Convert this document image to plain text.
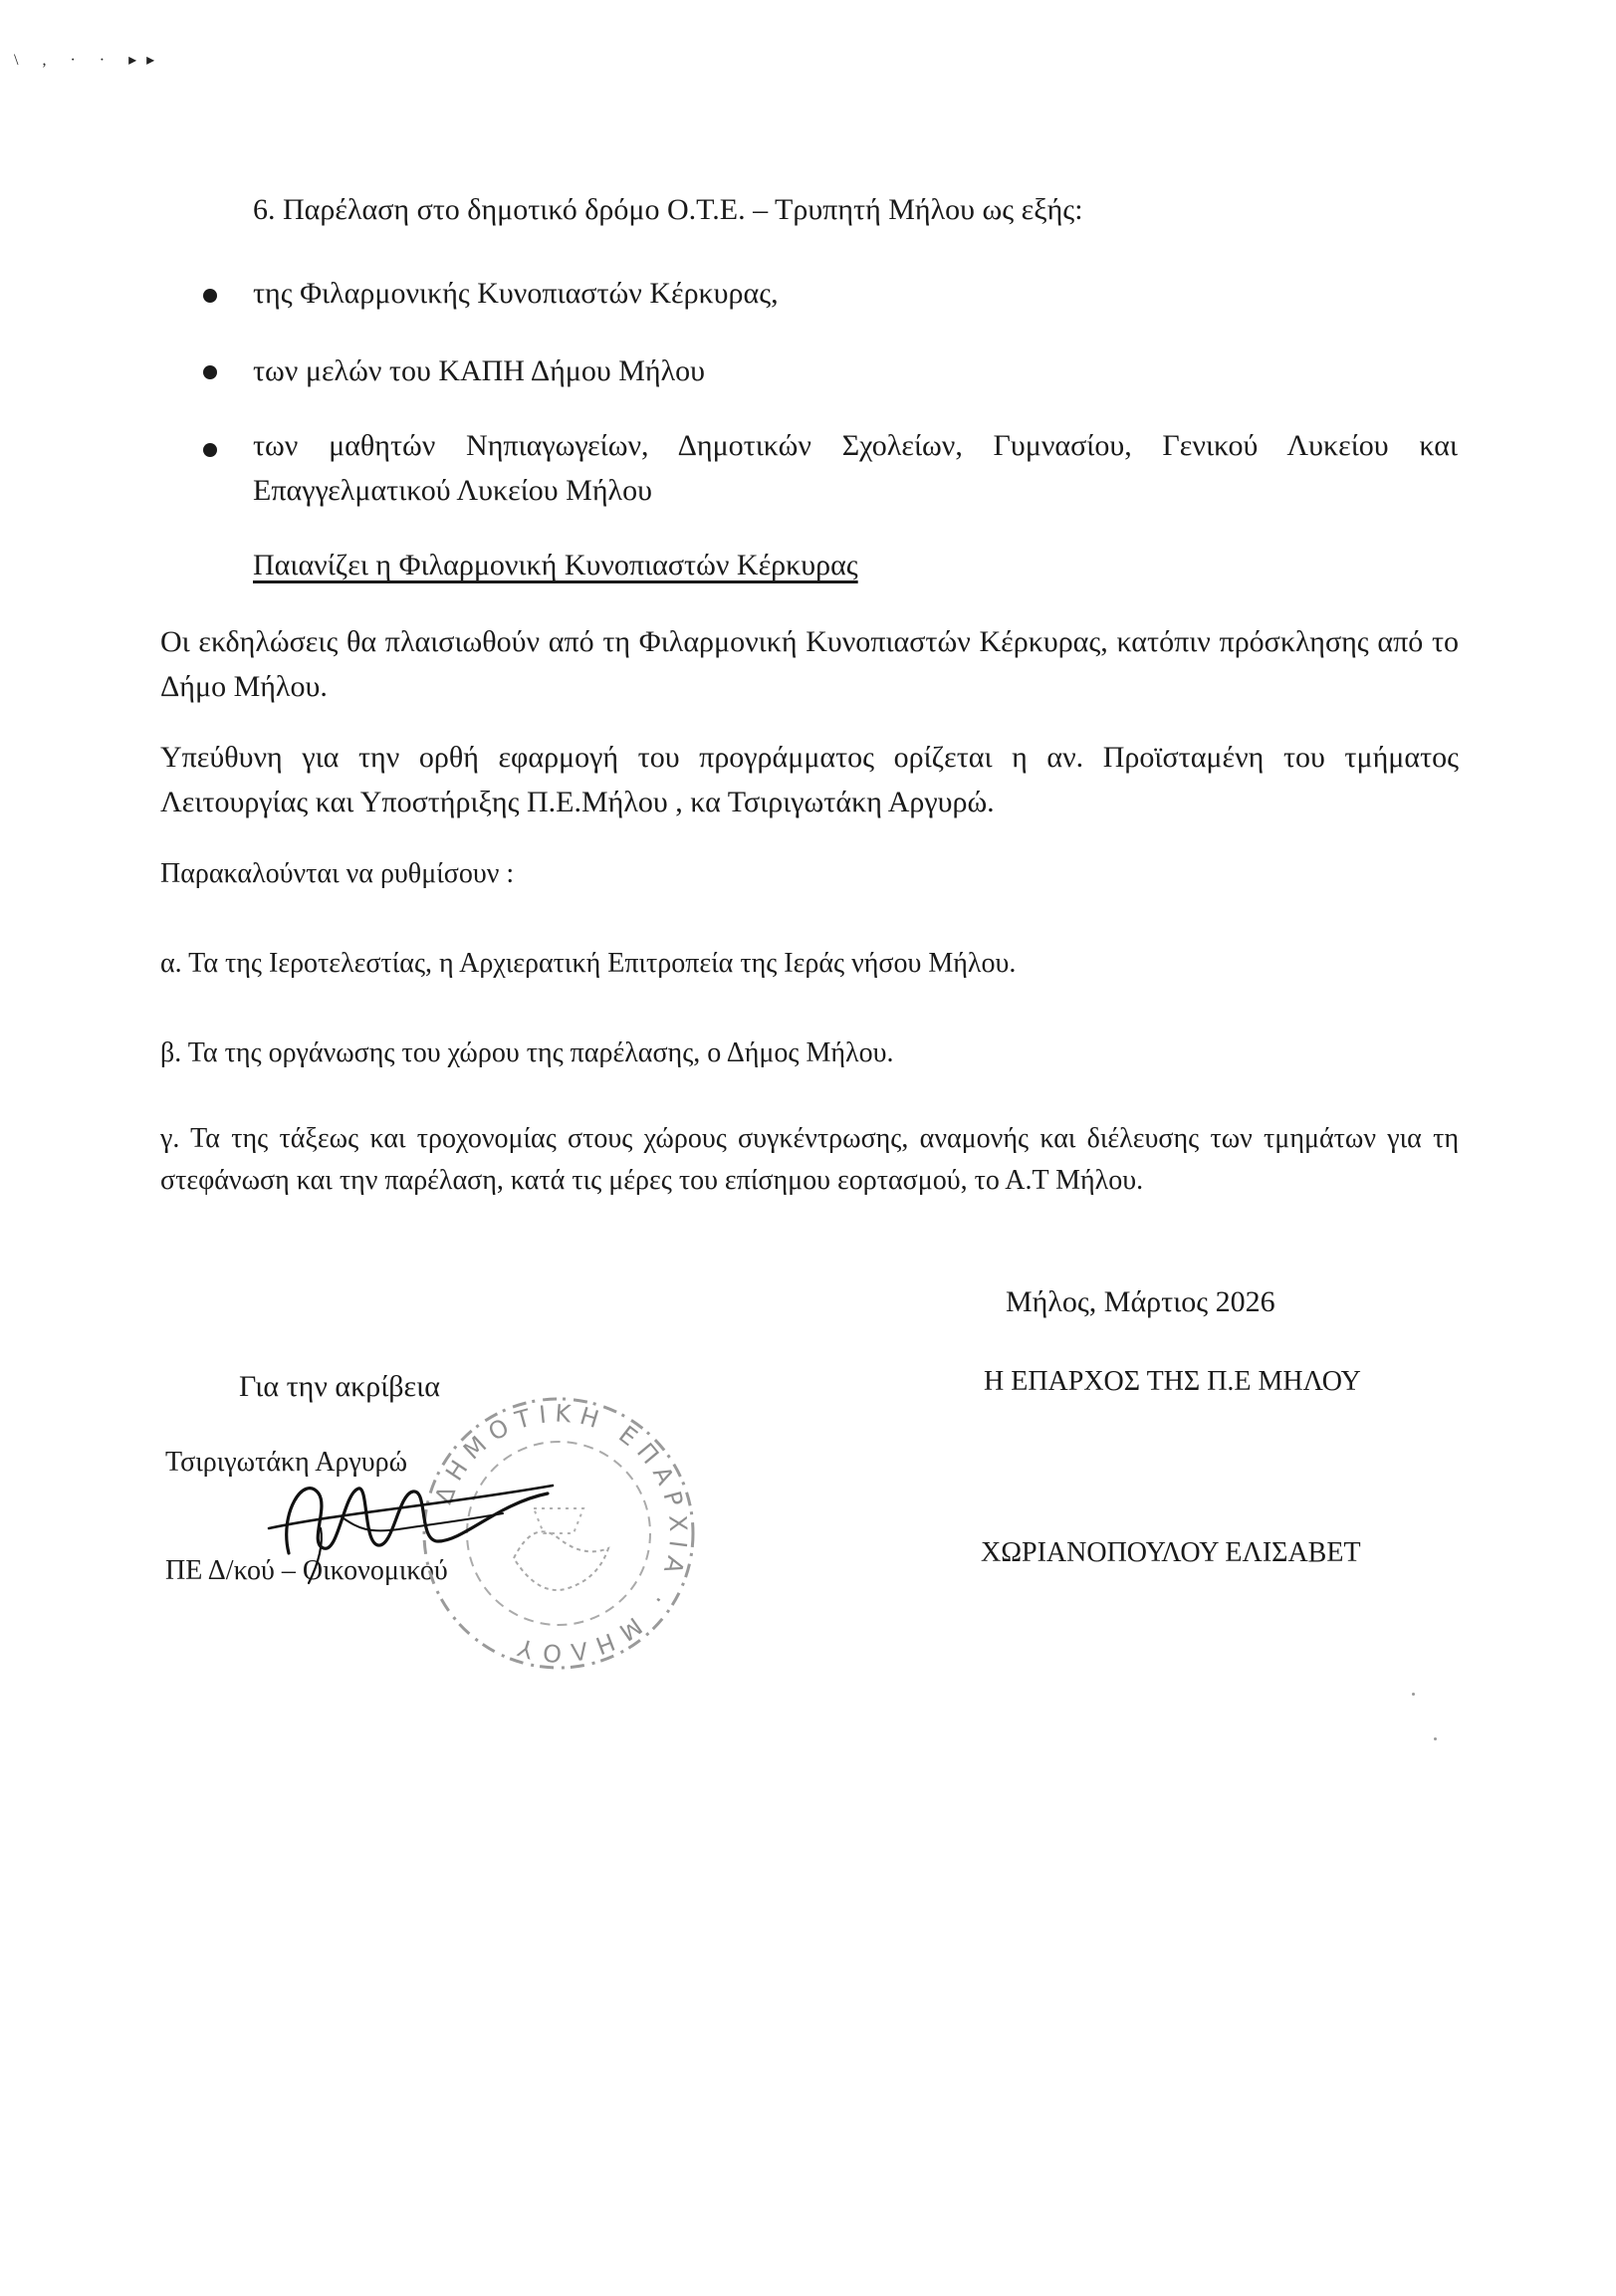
\ , · · ▸▸
6. Παρέλαση στο δημοτικό δρόμο Ο.Τ.Ε. – Τρυπητή Μήλου ως εξής:
της Φιλαρμονικής Κυνοπιαστών Κέρκυρας,
των μελών του ΚΑΠΗ Δήμου Μήλου
των μαθητών Νηπιαγωγείων, Δημοτικών Σχολείων, Γυμνασίου, Γενικού Λυκείου και Επαγγελματικού Λυκείου Μήλου
Παιανίζει η Φιλαρμονική Κυνοπιαστών Κέρκυρας
Οι εκδηλώσεις θα πλαισιωθούν από τη Φιλαρμονική Κυνοπιαστών Κέρκυρας, κατόπιν πρόσκλησης από το Δήμο Μήλου.
Υπεύθυνη για την ορθή εφαρμογή του προγράμματος ορίζεται η αν. Προϊσταμένη του τμήματος Λειτουργίας και Υποστήριξης Π.Ε.Μήλου , κα Τσιριγωτάκη Αργυρώ.
Παρακαλούνται να ρυθμίσουν :
α. Τα της Ιεροτελεστίας, η Αρχιερατική Επιτροπεία της Ιεράς νήσου Μήλου.
β. Τα της οργάνωσης του χώρου της παρέλασης, ο Δήμος Μήλου.
γ. Τα της τάξεως και τροχονομίας στους χώρους συγκέντρωσης, αναμονής και διέλευσης των τμημάτων για τη στεφάνωση και την παρέλαση, κατά τις μέρες του επίσημου εορτασμού, το Α.Τ Μήλου.
Μήλος, Μάρτιος 2026
Η ΕΠΑΡΧΟΣ ΤΗΣ Π.Ε ΜΗΛΟΥ
ΧΩΡΙΑΝΟΠΟΥΛΟΥ ΕΛΙΣΑΒΕΤ
Για την ακρίβεια
Τσιριγωτάκη Αργυρώ
ΠΕ Δ/κού – Οικονομικού
ΔΗΜΟΤΙΚΗ ΕΠΑΡΧΙΑ · ΜΗΛΟΥ
